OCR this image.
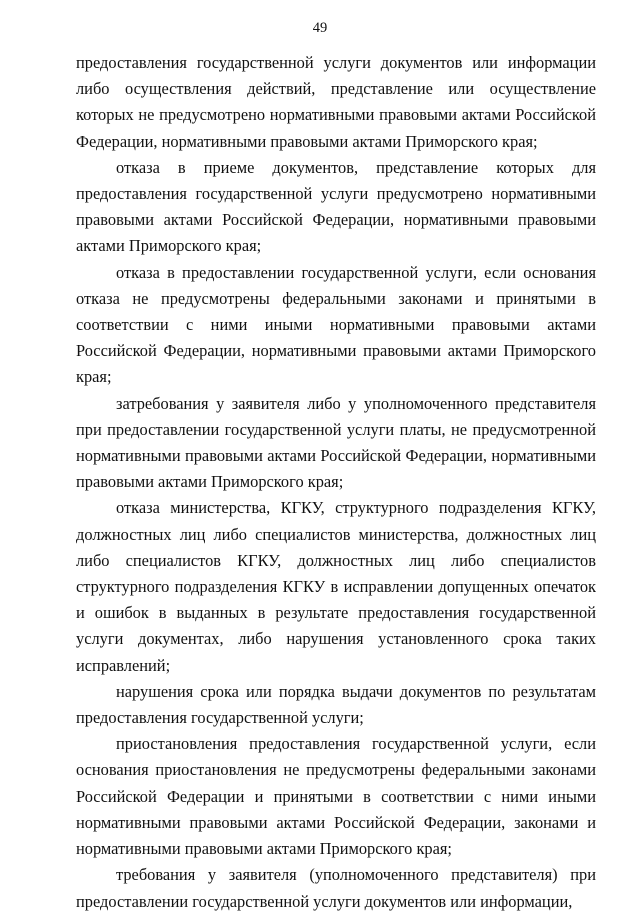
49

предоставления государственной услуги документов или информации либо осуществления действий, представление или осуществление которых не предусмотрено нормативными правовыми актами Российской Федерации, нормативными правовыми актами Приморского края;

отказа в приеме документов, представление которых для предоставления государственной услуги предусмотрено нормативными правовыми актами Российской Федерации, нормативными правовыми актами Приморского края;

отказа в предоставлении государственной услуги, если основания отказа не предусмотрены федеральными законами и принятыми в соответствии с ними иными нормативными правовыми актами Российской Федерации, нормативными правовыми актами Приморского края;

затребования у заявителя либо у уполномоченного представителя при предоставлении государственной услуги платы, не предусмотренной нормативными правовыми актами Российской Федерации, нормативными правовыми актами Приморского края;

отказа министерства, КГКУ, структурного подразделения КГКУ, должностных лиц либо специалистов министерства, должностных лиц либо специалистов КГКУ, должностных лиц либо специалистов структурного подразделения КГКУ в исправлении допущенных опечаток и ошибок в выданных в результате предоставления государственной услуги документах, либо нарушения установленного срока таких исправлений;

нарушения срока или порядка выдачи документов по результатам предоставления государственной услуги;

приостановления предоставления государственной услуги, если основания приостановления не предусмотрены федеральными законами Российской Федерации и принятыми в соответствии с ними иными нормативными правовыми актами Российской Федерации, законами и нормативными правовыми актами Приморского края;

требования у заявителя (уполномоченного представителя) при предоставлении государственной услуги документов или информации,
